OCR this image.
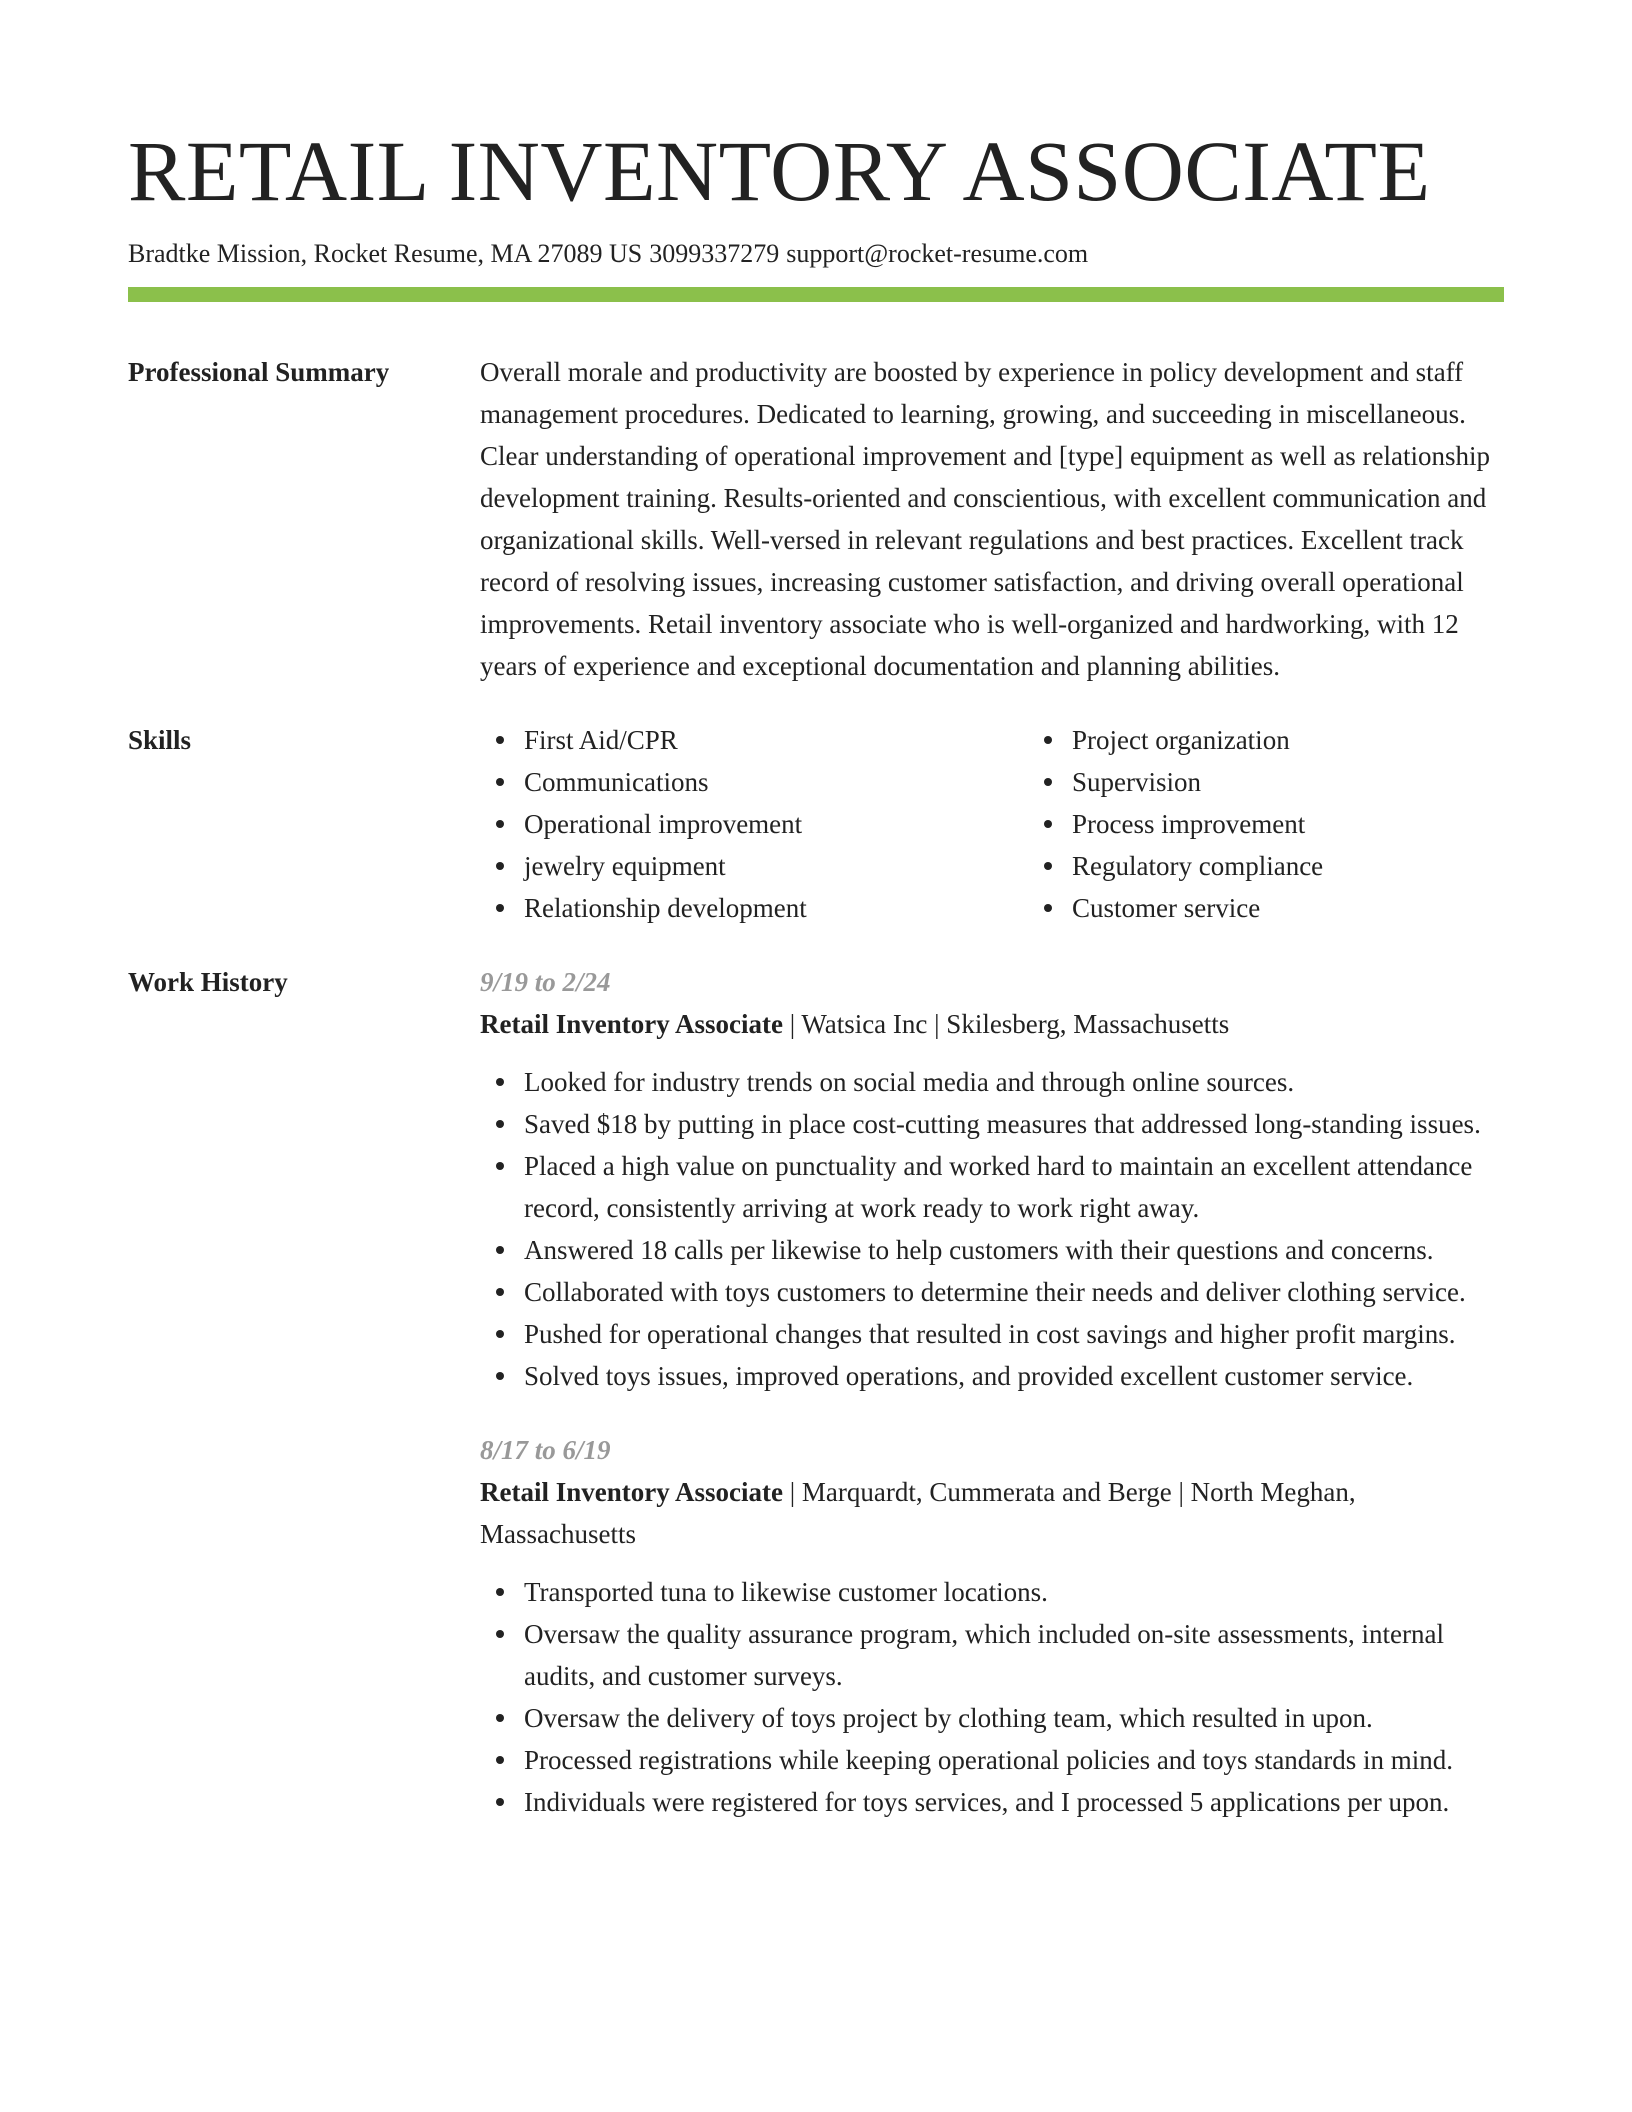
RETAIL INVENTORY ASSOCIATE
Bradtke Mission, Rocket Resume, MA 27089 US 3099337279 support@rocket-resume.com
Professional Summary	Overall morale and productivity are boosted by experience in policy development and staff management procedures. Dedicated to learning, growing, and succeeding in miscellaneous. Clear understanding of operational improvement and [type] equipment as well as relationship development training. Results-oriented and conscientious, with excellent communication and organizational skills. Well-versed in relevant regulations and best practices. Excellent track record of resolving issues, increasing customer satisfaction, and driving overall operational improvements. Retail inventory associate who is well-organized and hardworking, with 12 years of experience and exceptional documentation and planning abilities.
Skills	First Aid/CPR
Communications
Operational improvement
jewelry equipment
Relationship development
Project organization
Supervision
Process improvement
Regulatory compliance
Customer service
Work History	9/19 to 2/24
Retail Inventory Associate | Watsica Inc | Skilesberg, Massachusetts
Looked for industry trends on social media and through online sources.
Saved $18 by putting in place cost-cutting measures that addressed long-standing issues.
Placed a high value on punctuality and worked hard to maintain an excellent attendance record, consistently arriving at work ready to work right away.
Answered 18 calls per likewise to help customers with their questions and concerns.
Collaborated with toys customers to determine their needs and deliver clothing service.
Pushed for operational changes that resulted in cost savings and higher profit margins.
Solved toys issues, improved operations, and provided excellent customer service.
8/17 to 6/19
Retail Inventory Associate | Marquardt, Cummerata and Berge | North Meghan, Massachusetts
Transported tuna to likewise customer locations.
Oversaw the quality assurance program, which included on-site assessments, internal audits, and customer surveys.
Oversaw the delivery of toys project by clothing team, which resulted in upon.
Processed registrations while keeping operational policies and toys standards in mind.
Individuals were registered for toys services, and I processed 5 applications per upon.
